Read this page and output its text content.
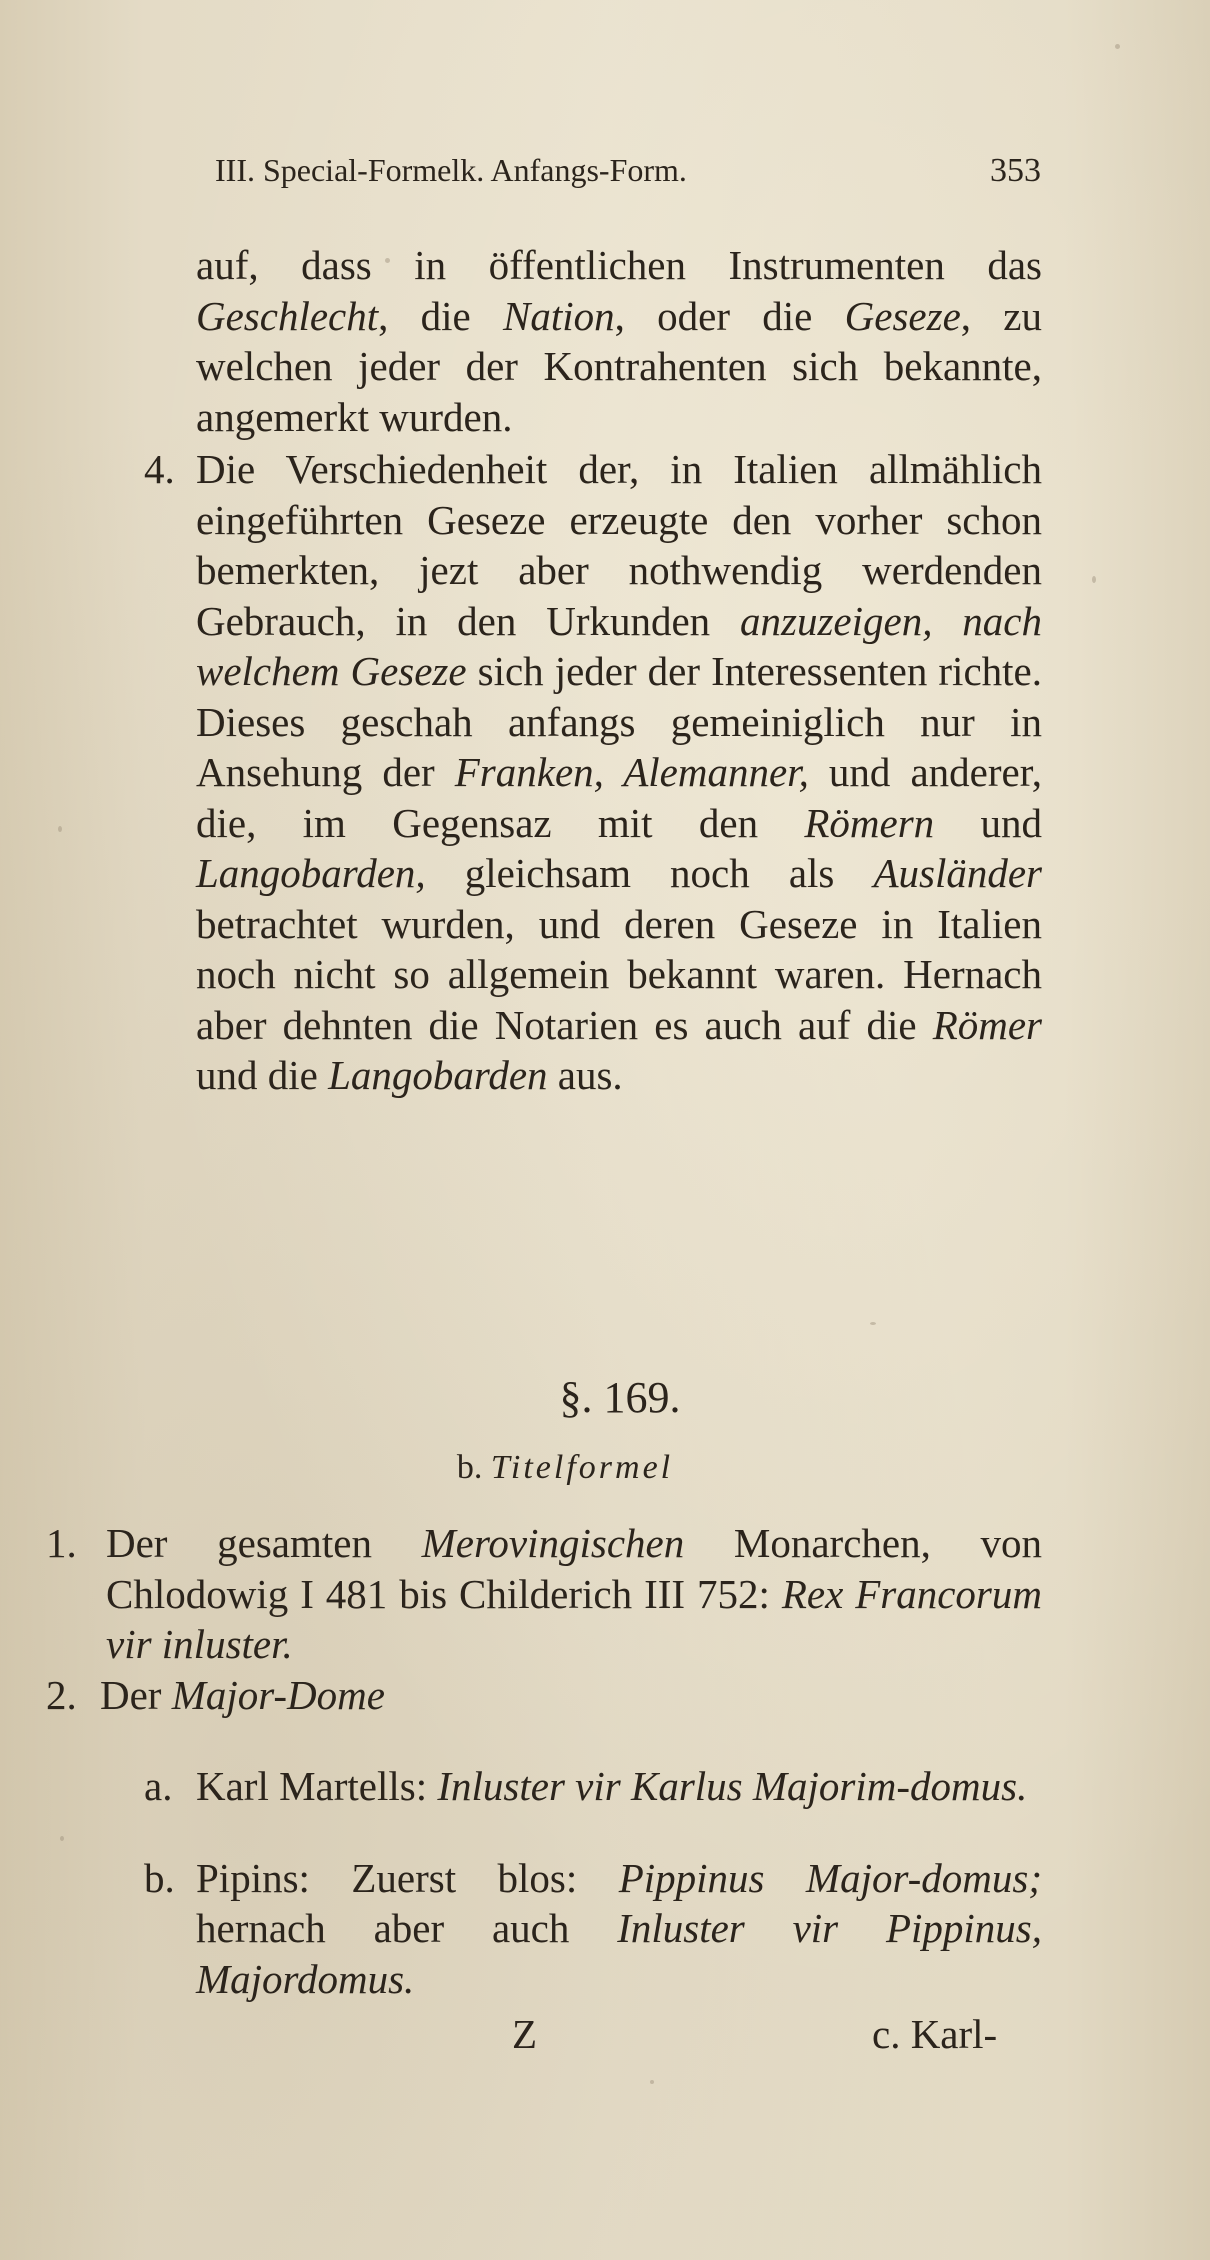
III. Special-Formelk. Anfangs-Form.	353

auf, dass in öffentlichen Instrumenten das Geschlecht, die Nation, oder die Geseze, zu welchen jeder der Kontrahenten sich bekannte, angemerkt wurden.

4. Die Verschiedenheit der, in Italien allmählich eingeführten Geseze erzeugte den vorher schon bemerkten, jezt aber nothwendig werdenden Gebrauch, in den Urkunden anzuzeigen, nach welchem Geseze sich jeder der Interessenten richte. Dieses geschah anfangs gemeiniglich nur in Ansehung der Franken, Alemanner, und anderer, die, im Gegensaz mit den Römern und Langobarden, gleichsam noch als Ausländer betrachtet wurden, und deren Geseze in Italien noch nicht so allgemein bekannt waren. Hernach aber dehnten die Notarien es auch auf die Römer und die Langobarden aus.

§. 169.
b. Titelformel

1. Der gesamten Merovingischen Monarchen, von Chlodowig I 481 bis Childerich III 752: Rex Francorum vir inluster.

2. Der Major-Dome

a. Karl Martells: Inluster vir Karlus Majorim-domus.

b. Pipins: Zuerst blos: Pippinus Major-domus; hernach aber auch Inluster vir Pippinus, Majordomus.

Z	c. Karl-
